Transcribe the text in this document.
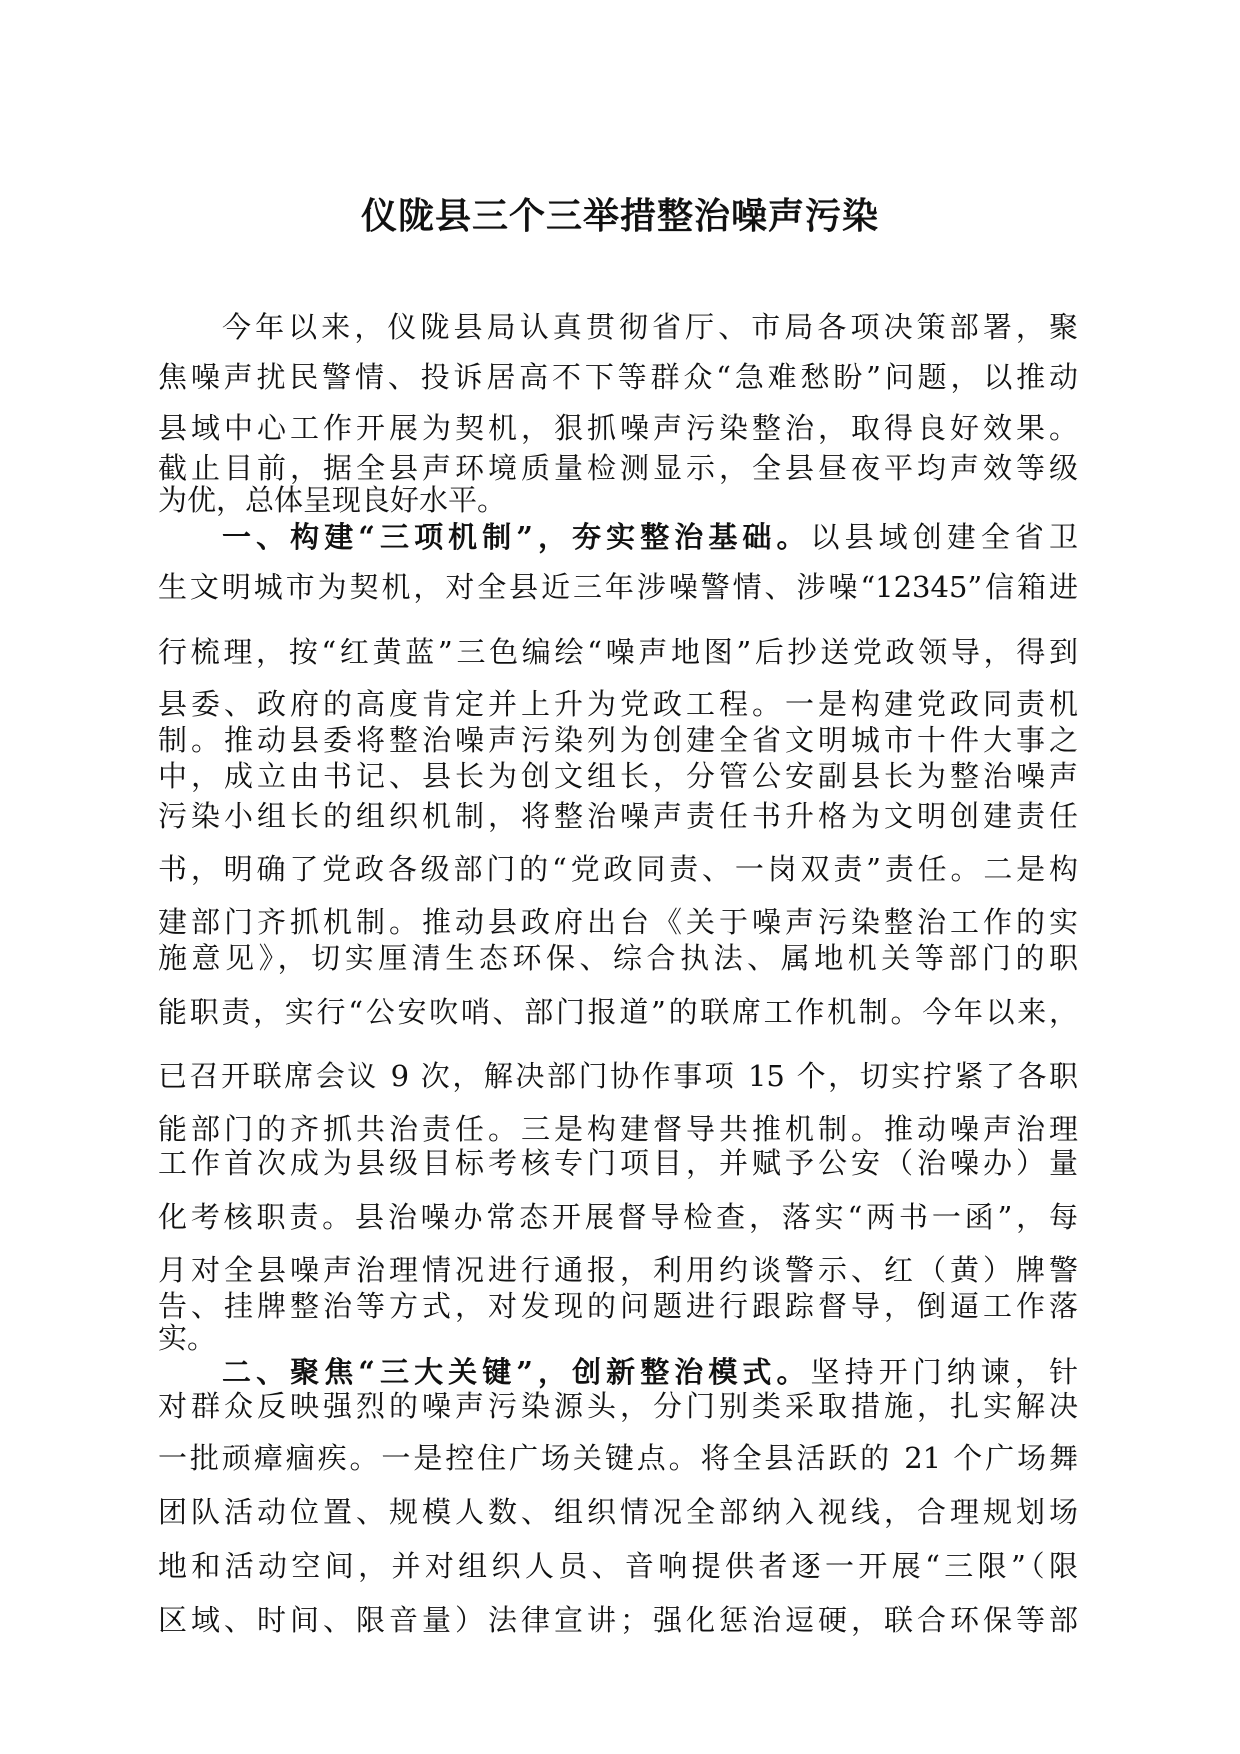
仪陇县三个三举措整治噪声污染
今年以来，仪陇县局认真贯彻省厅、市局各项决策部署，聚
焦噪声扰民警情、投诉居高不下等群众“急难愁盼”问题，以推动
县域中心工作开展为契机，狠抓噪声污染整治，取得良好效果。
截止目前，据全县声环境质量检测显示，全县昼夜平均声效等级
为优，总体呈现良好水平。
一、构建“三项机制”，夯实整治基础。以县域创建全省卫
生文明城市为契机，对全县近三年涉噪警情、涉噪“12345”信箱进
行梳理，按“红黄蓝”三色编绘“噪声地图”后抄送党政领导，得到
县委、政府的高度肯定并上升为党政工程。一是构建党政同责机
制。推动县委将整治噪声污染列为创建全省文明城市十件大事之
中，成立由书记、县长为创文组长，分管公安副县长为整治噪声
污染小组长的组织机制，将整治噪声责任书升格为文明创建责任
书，明确了党政各级部门的“党政同责、一岗双责”责任。二是构
建部门齐抓机制。推动县政府出台《关于噪声污染整治工作的实
施意见》，切实厘清生态环保、综合执法、属地机关等部门的职
能职责，实行“公安吹哨、部门报道”的联席工作机制。今年以来，
已召开联席会议 9 次，解决部门协作事项 15 个，切实拧紧了各职
能部门的齐抓共治责任。三是构建督导共推机制。推动噪声治理
工作首次成为县级目标考核专门项目，并赋予公安（治噪办）量
化考核职责。县治噪办常态开展督导检查，落实“两书一函”，每
月对全县噪声治理情况进行通报，利用约谈警示、红（黄）牌警
告、挂牌整治等方式，对发现的问题进行跟踪督导，倒逼工作落
实。
二、聚焦“三大关键”，创新整治模式。坚持开门纳谏，针
对群众反映强烈的噪声污染源头，分门别类采取措施，扎实解决
一批顽瘴痼疾。一是控住广场关键点。将全县活跃的 21 个广场舞
团队活动位置、规模人数、组织情况全部纳入视线，合理规划场
地和活动空间，并对组织人员、音响提供者逐一开展“三限”（限
区域、时间、限音量）法律宣讲；强化惩治逗硬，联合环保等部
